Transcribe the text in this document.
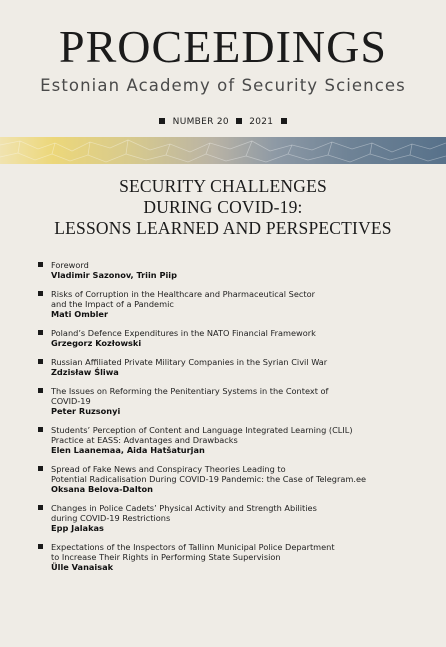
PROCEEDINGS
Estonian Academy of Security Sciences
NUMBER 20 2021
SECURITY CHALLENGES
DURING COVID-19:
LESSONS LEARNED AND PERSPECTIVES
Foreword
Vladimir Sazonov, Triin Piip
Risks of Corruption in the Healthcare and Pharmaceutical Sector
and the Impact of a Pandemic
Mati Ombler
Poland’s Defence Expenditures in the NATO Financial Framework
Grzegorz Kozłowski
Russian Affiliated Private Military Companies in the Syrian Civil War
Zdzisław Śliwa
The Issues on Reforming the Penitentiary Systems in the Context of
COVID-19
Peter Ruzsonyi
Students’ Perception of Content and Language Integrated Learning (CLIL)
Practice at EASS: Advantages and Drawbacks
Elen Laanemaa, Aida Hatšaturjan
Spread of Fake News and Conspiracy Theories Leading to
Potential Radicalisation During COVID-19 Pandemic: the Case of Telegram.ee
Oksana Belova-Dalton
Changes in Police Cadets’ Physical Activity and Strength Abilities
during COVID-19 Restrictions
Epp Jalakas
Expectations of the Inspectors of Tallinn Municipal Police Department
to Increase Their Rights in Performing State Supervision
Ülle Vanaisak
